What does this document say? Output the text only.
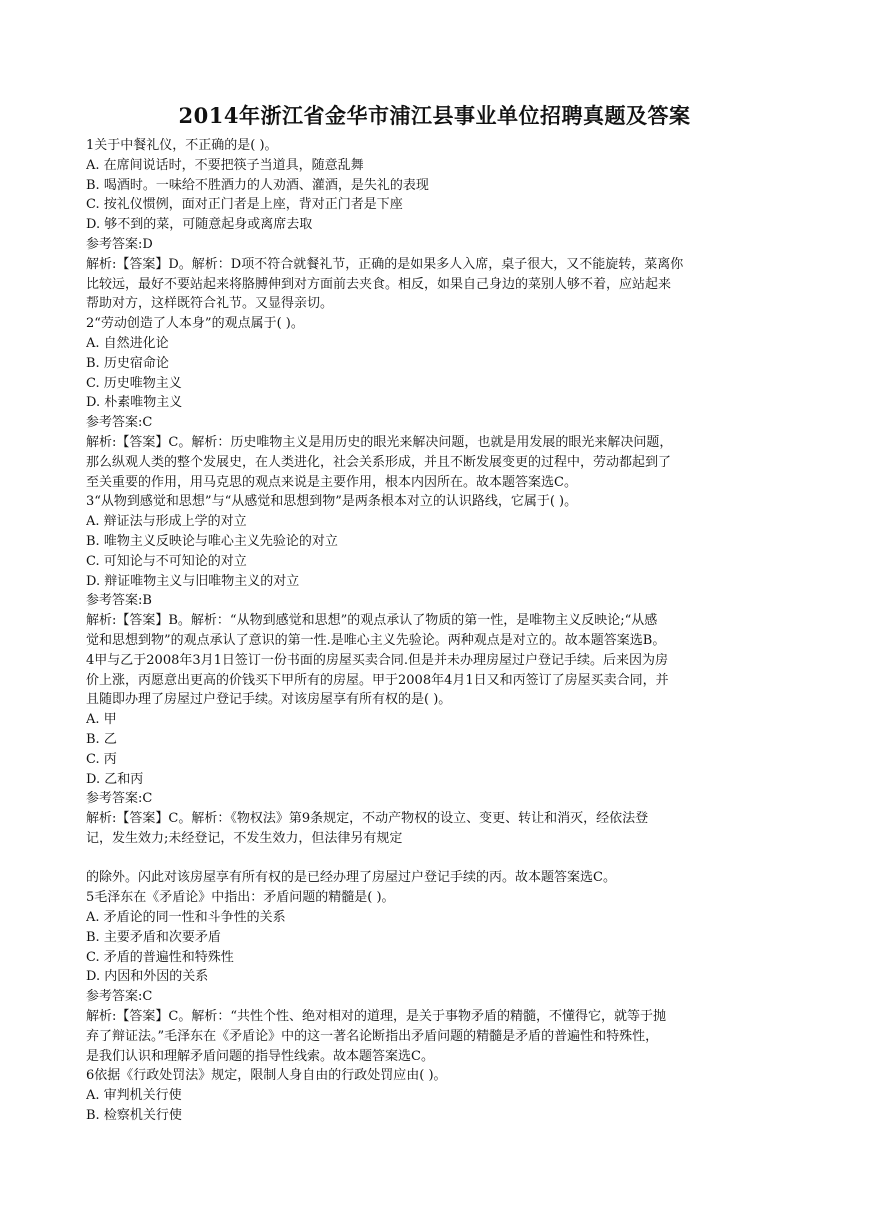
2014年浙江省金华市浦江县事业单位招聘真题及答案
1关于中餐礼仪，不正确的是( )。
A. 在席间说话时，不要把筷子当道具，随意乱舞
B. 喝酒时。一味给不胜酒力的人劝酒、灌酒，是失礼的表现
C. 按礼仪惯例，面对正门者是上座，背对正门者是下座
D. 够不到的菜，可随意起身或离席去取
参考答案:D
解析:【答案】D。解析：D项不符合就餐礼节，正确的是如果多人入席，桌子很大，又不能旋转，菜离你
比较远，最好不要站起来将胳膊伸到对方面前去夹食。相反，如果自己身边的菜别人够不着，应站起来
帮助对方，这样既符合礼节。又显得亲切。
2“劳动创造了人本身”的观点属于( )。
A. 自然进化论
B. 历史宿命论
C. 历史唯物主义
D. 朴素唯物主义
参考答案:C
解析:【答案】C。解析：历史唯物主义是用历史的眼光来解决问题，也就是用发展的眼光来解决问题，
那么纵观人类的整个发展史，在人类进化，社会关系形成，并且不断发展变更的过程中，劳动都起到了
至关重要的作用，用马克思的观点来说是主要作用，根本内因所在。故本题答案选C。
3“从物到感觉和思想”与“从感觉和思想到物”是两条根本对立的认识路线，它属于( )。
A. 辩证法与形成上学的对立
B. 唯物主义反映论与唯心主义先验论的对立
C. 可知论与不可知论的对立
D. 辩证唯物主义与旧唯物主义的对立
参考答案:B
解析:【答案】B。解析：“从物到感觉和思想”的观点承认了物质的第一性，是唯物主义反映论;“从感
觉和思想到物”的观点承认了意识的第一性.是唯心主义先验论。两种观点是对立的。故本题答案选B。
4甲与乙于2008年3月1日签订一份书面的房屋买卖合同.但是并未办理房屋过户登记手续。后来因为房
价上涨，丙愿意出更高的价钱买下甲所有的房屋。甲于2008年4月1日又和丙签订了房屋买卖合同，并
且随即办理了房屋过户登记手续。对该房屋享有所有权的是( )。
A. 甲
B. 乙
C. 丙
D. 乙和丙
参考答案:C
解析:【答案】C。解析：《物权法》第9条规定，不动产物权的设立、变更、转让和消灭，经依法登
记，发生效力;未经登记，不发生效力，但法律另有规定
的除外。闪此对该房屋享有所有权的是已经办理了房屋过户登记手续的丙。故本题答案选C。
5毛泽东在《矛盾论》中指出：矛盾问题的精髓是( )。
A. 矛盾论的同一性和斗争性的关系
B. 主要矛盾和次要矛盾
C. 矛盾的普遍性和特殊性
D. 内因和外因的关系
参考答案:C
解析:【答案】C。解析：“共性个性、绝对相对的道理，是关于事物矛盾的精髓，不懂得它，就等于抛
弃了辩证法。”毛泽东在《矛盾论》中的这一著名论断指出矛盾问题的精髓是矛盾的普遍性和特殊性，
是我们认识和理解矛盾问题的指导性线索。故本题答案选C。
6依据《行政处罚法》规定，限制人身自由的行政处罚应由( )。
A. 审判机关行使
B. 检察机关行使
